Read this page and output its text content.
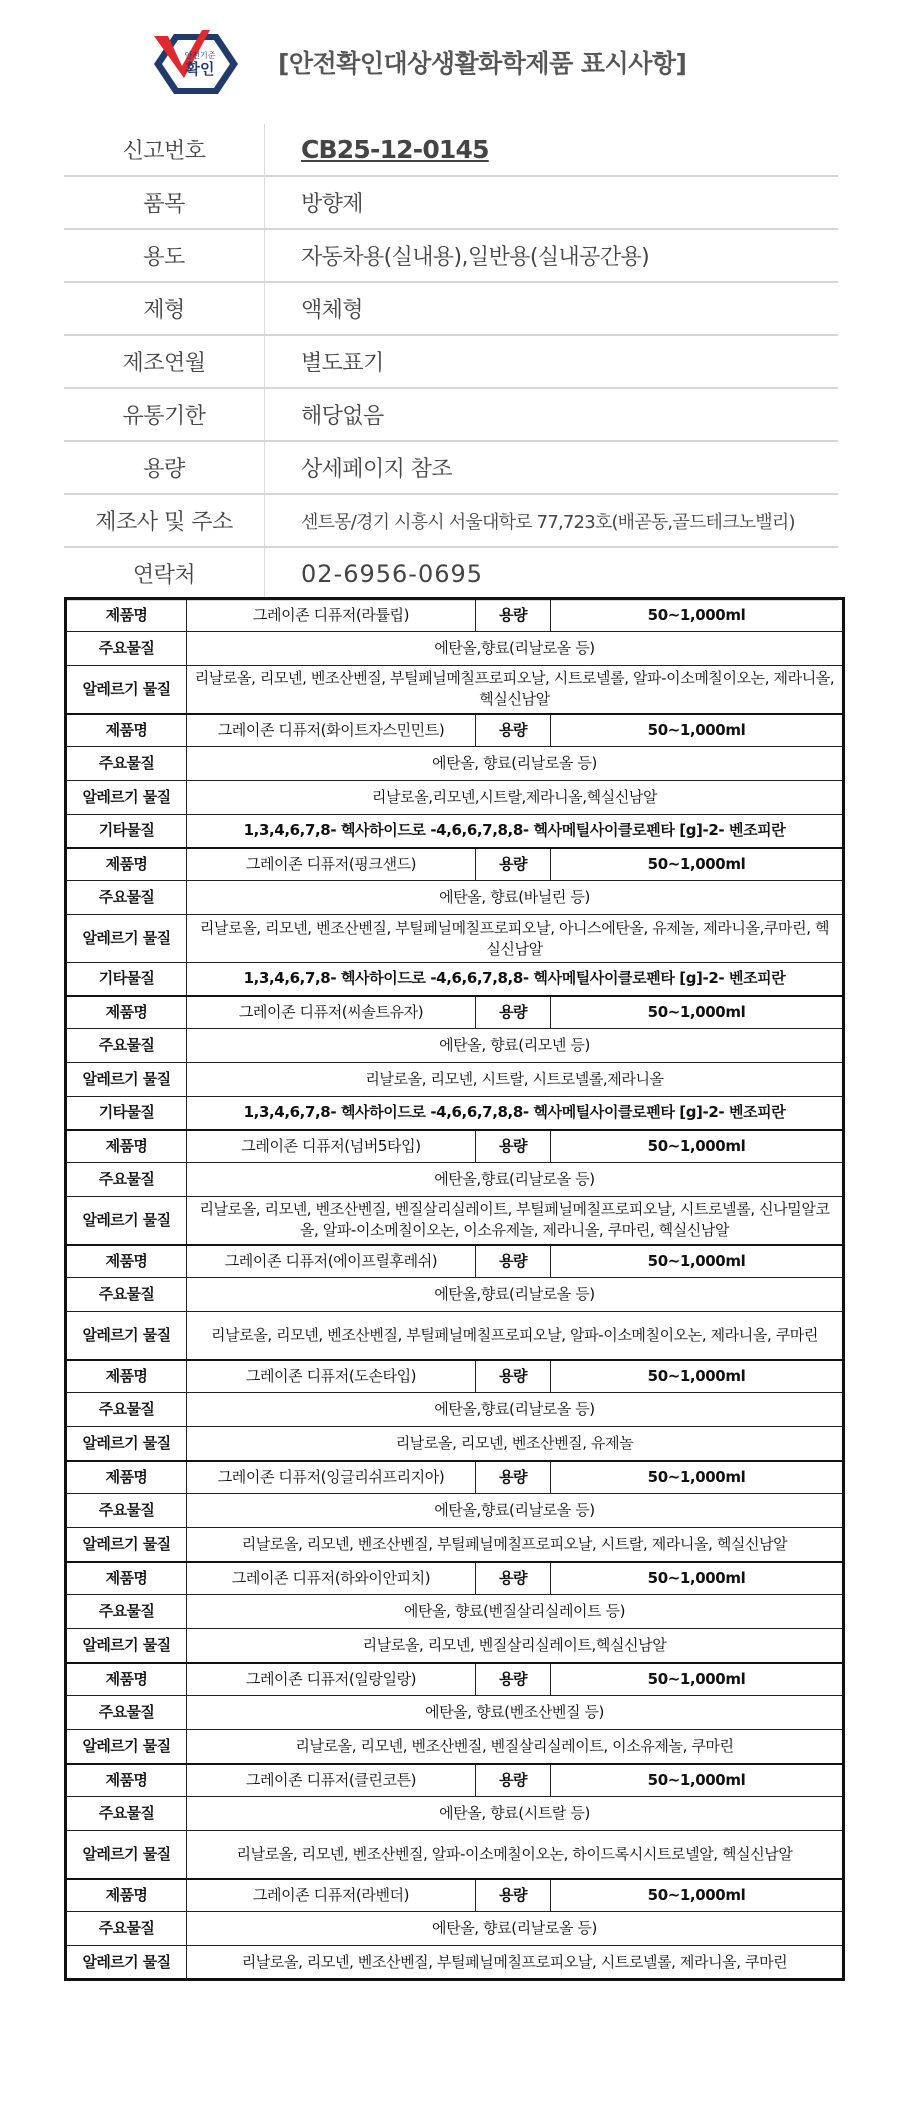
안전기준
확인	[안전확인대상생활화학제품 표시사항]
신고번호	CB25-12-0145
품목	방향제
용도	자동차용(실내용),일반용(실내공간용)
제형	액체형
제조연월	별도표기
유통기한	해당없음
용량	상세페이지 참조
제조사 및 주소	센트몽/경기 시흥시 서울대학로 77,723호(배곧동,골드테크노밸리)
연락처	02-6956-0695
제품명	그레이존 디퓨저(라튤립)	용량	50~1,000ml
주요물질	에탄올,향료(리날로올 등)		
알레르기 물질	리날로올, 리모넨, 벤조산벤질, 부틸페닐메칠프로피오날, 시트로넬롤, 알파-이소메칠이오논, 제라니올, 헥실신남알		
제품명	그레이존 디퓨저(화이트자스민민트)	용량	50~1,000ml
주요물질	에탄올, 향료(리날로올 등)		
알레르기 물질	리날로올,리모넨,시트랄,제라니올,헥실신남알		
기타물질	1,3,4,6,7,8- 헥사하이드로 -4,6,6,7,8,8- 헥사메틸사이클로펜타 [g]-2- 벤조피란		
제품명	그레이존 디퓨저(핑크샌드)	용량	50~1,000ml
주요물질	에탄올, 향료(바닐린 등)		
알레르기 물질	리날로올, 리모넨, 벤조산벤질, 부틸페닐메칠프로피오날, 아니스에탄올, 유제놀, 제라니올,쿠마린, 헥실신남알		
기타물질	1,3,4,6,7,8- 헥사하이드로 -4,6,6,7,8,8- 헥사메틸사이클로펜타 [g]-2- 벤조피란		
제품명	그레이존 디퓨저(씨솔트유자)	용량	50~1,000ml
주요물질	에탄올, 향료(리모넨 등)		
알레르기 물질	리날로올, 리모넨, 시트랄, 시트로넬롤,제라니올		
기타물질	1,3,4,6,7,8- 헥사하이드로 -4,6,6,7,8,8- 헥사메틸사이클로펜타 [g]-2- 벤조피란		
제품명	그레이존 디퓨저(넘버5타입)	용량	50~1,000ml
주요물질	에탄올,향료(리날로올 등)		
알레르기 물질	리날로올, 리모넨, 벤조산벤질, 벤질살리실레이트, 부틸페닐메칠프로피오날, 시트로넬롤, 신나밀알코올, 알파-이소메칠이오논, 이소유제놀, 제라니올, 쿠마린, 헥실신남알		
제품명	그레이존 디퓨저(에이프릴후레쉬)	용량	50~1,000ml
주요물질	에탄올,향료(리날로올 등)		
알레르기 물질	리날로올, 리모넨, 벤조산벤질, 부틸페닐메칠프로피오날, 알파-이소메칠이오논, 제라니올, 쿠마린		
제품명	그레이존 디퓨저(도손타입)	용량	50~1,000ml
주요물질	에탄올,향료(리날로올 등)		
알레르기 물질	리날로올, 리모넨, 벤조산벤질, 유제놀		
제품명	그레이존 디퓨저(잉글리쉬프리지아)	용량	50~1,000ml
주요물질	에탄올,향료(리날로올 등)		
알레르기 물질	리날로올, 리모넨, 벤조산벤질, 부틸페닐메칠프로피오날, 시트랄, 제라니올, 헥실신남알		
제품명	그레이존 디퓨저(하와이안피치)	용량	50~1,000ml
주요물질	에탄올, 향료(벤질살리실레이트 등)		
알레르기 물질	리날로올, 리모넨, 벤질살리실레이트,헥실신남알		
제품명	그레이존 디퓨저(일랑일랑)	용량	50~1,000ml
주요물질	에탄올, 향료(벤조산벤질 등)		
알레르기 물질	리날로올, 리모넨, 벤조산벤질, 벤질살리실레이트, 이소유제놀, 쿠마린		
제품명	그레이존 디퓨저(클린코튼)	용량	50~1,000ml
주요물질	에탄올, 향료(시트랄 등)		
알레르기 물질	리날로올, 리모넨, 벤조산벤질, 알파-이소메칠이오논, 하이드록시시트로넬알, 헥실신남알		
제품명	그레이존 디퓨저(라벤더)	용량	50~1,000ml
주요물질	에탄올, 향료(리날로올 등)		
알레르기 물질	리날로올, 리모넨, 벤조산벤질, 부틸페닐메칠프로피오날, 시트로넬롤, 제라니올, 쿠마린		
